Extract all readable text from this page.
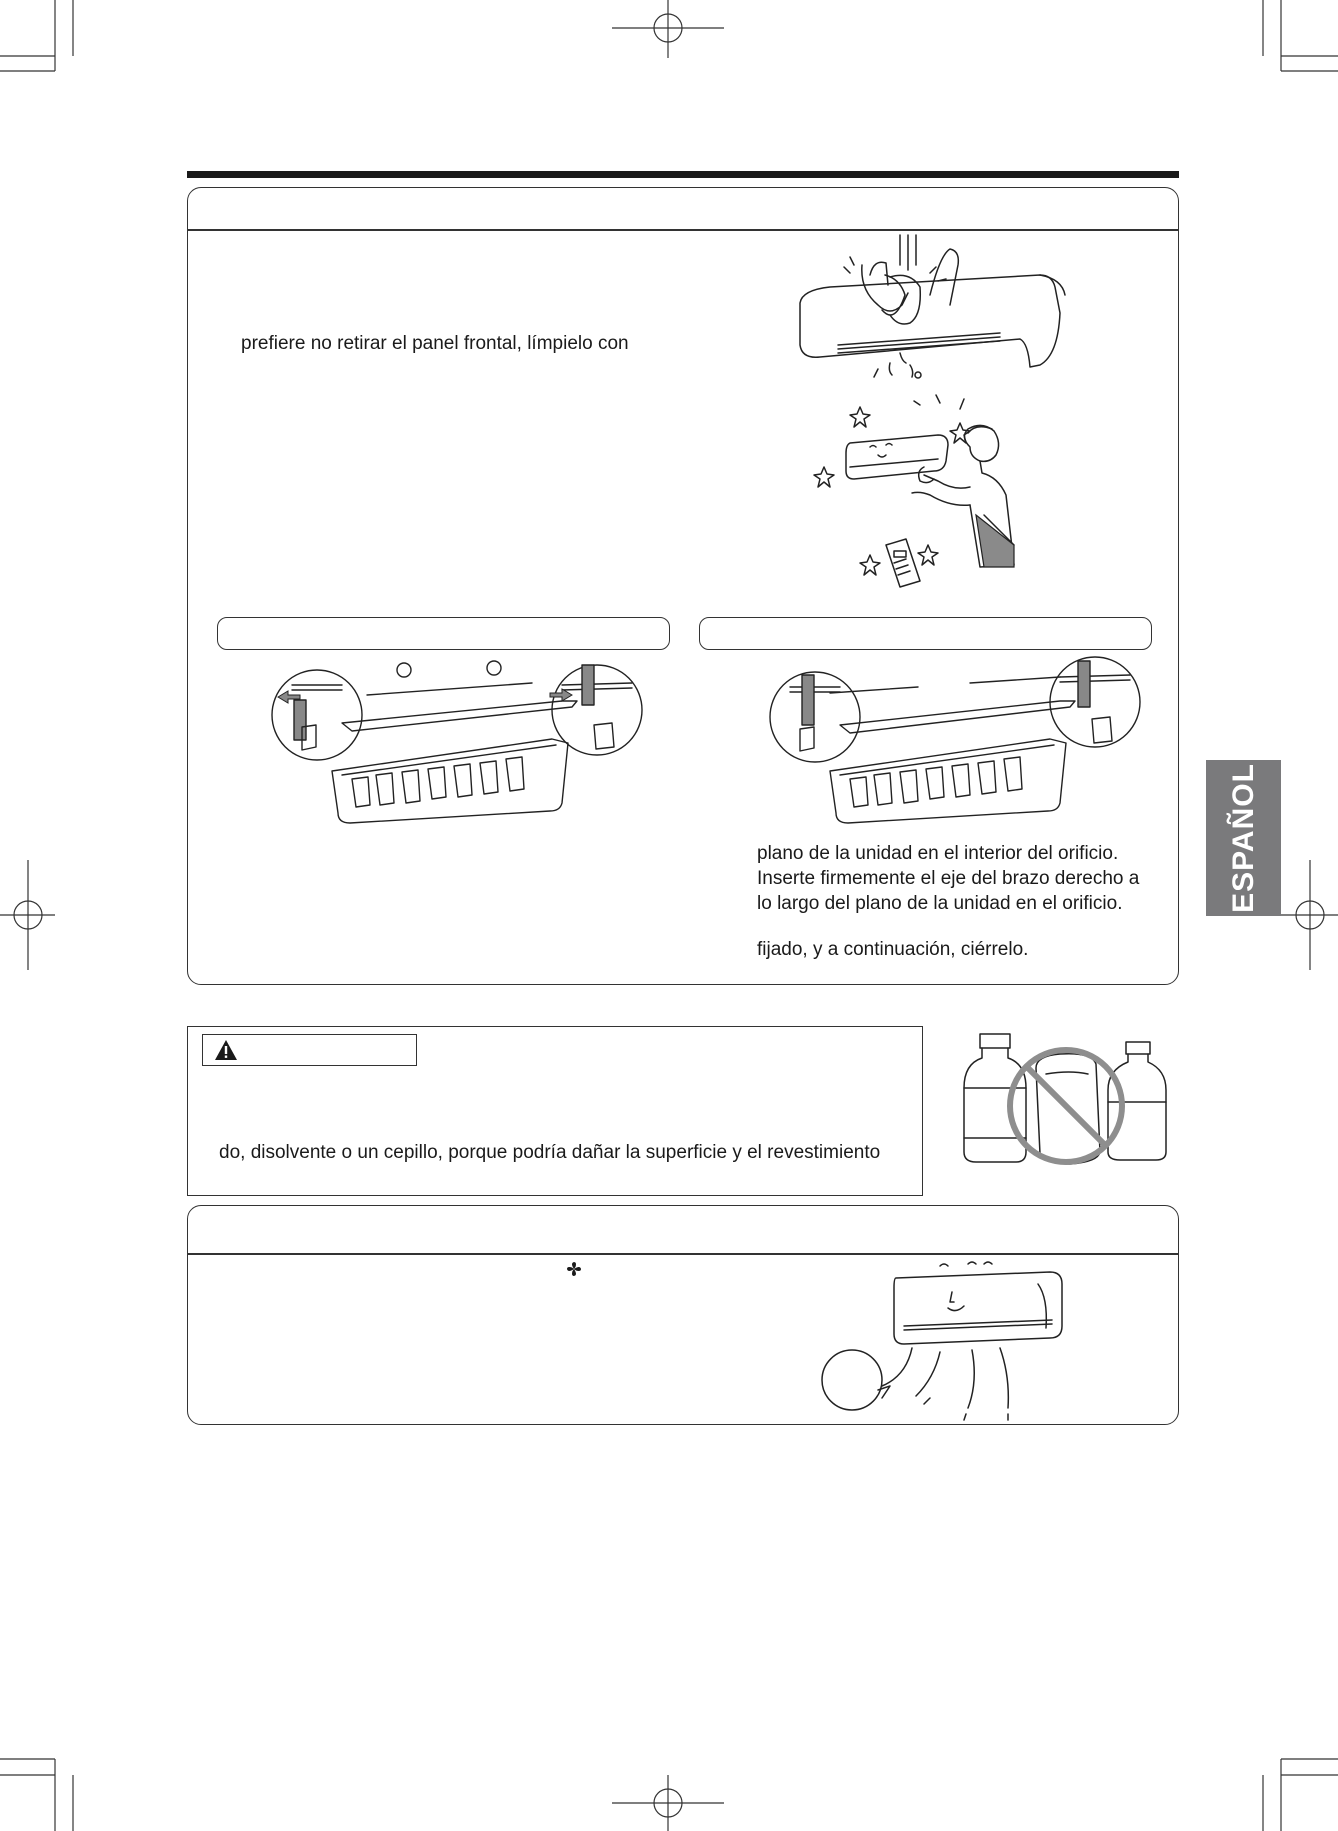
prefiere no retirar el panel frontal, límpielo con
plano de la unidad en el interior del orificio.
Inserte firmemente el eje del brazo derecho a
lo largo del plano de la unidad en el orificio.
fijado, y a continuación, ciérrelo.
do, disolvente o un cepillo, porque podría dañar la superficie y el revestimiento
ESPAÑOL
